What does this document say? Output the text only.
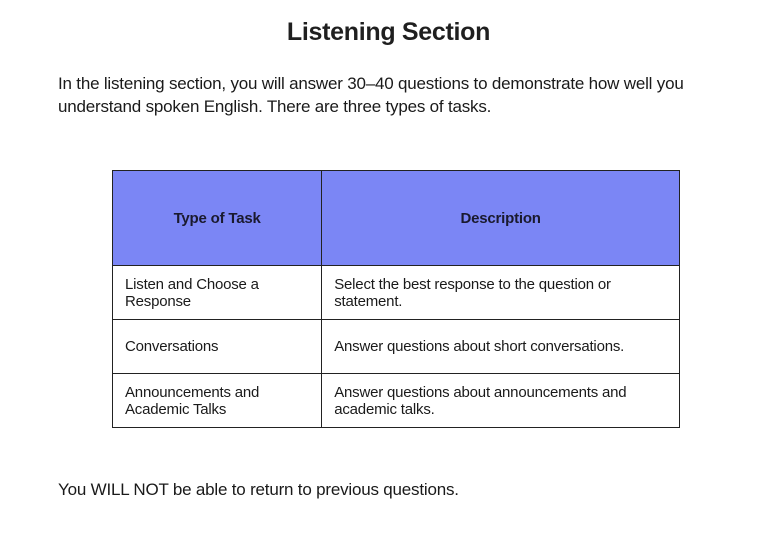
Listening Section
In the listening section, you will answer 30–40 questions to demonstrate how well you understand spoken English. There are three types of tasks.
Type of Task	Description
Listen and Choose a Response	Select the best response to the question or statement.
Conversations	Answer questions about short conversations.
Announcements and Academic Talks	Answer questions about announcements and academic talks.
You WILL NOT be able to return to previous questions.
